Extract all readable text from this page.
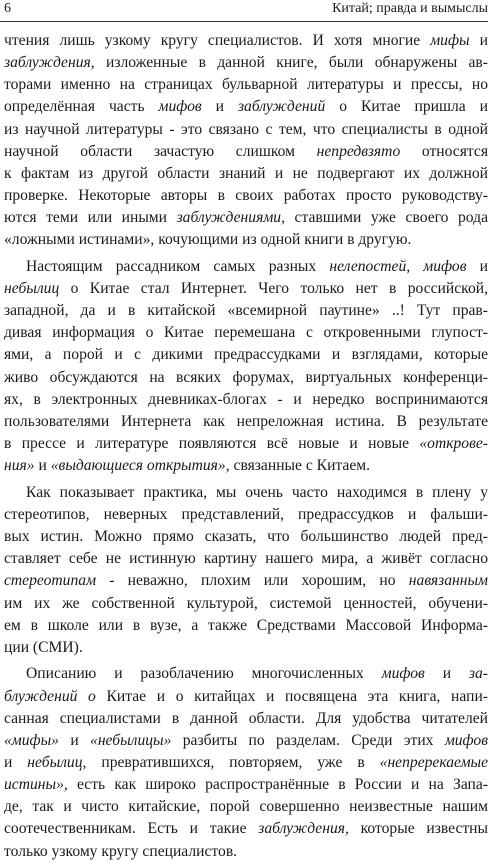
6	Китай; правда и вымыслы
чтения лишь узкому кругу специалистов. И хотя многие мифы и
заблуждения, изложенные в данной книге, были обнаружены ав-
торами именно на страницах бульварной литературы и прессы, но
определённая часть мифов и заблуждений о Китае пришла и
из научной литературы - это связано с тем, что специалисты в одной
научной области зачастую слишком непредвзято относятся
к фактам из другой области знаний и не подвергают их должной
проверке. Некоторые авторы в своих работах просто руководству-
ются теми или иными заблуждениями, ставшими уже своего рода
«ложными истинами», кочующими из одной книги в другую.
Настоящим рассадником самых разных нелепостей, мифов и
небылиц о Китае стал Интернет. Чего только нет в российской,
западной, да и в китайской «всемирной паутине» ..! Тут прав-
дивая информация о Китае перемешана с откровенными глупост-
ями, а порой и с дикими предрассудками и взглядами, которые
живо обсуждаются на всяких форумах, виртуальных конференци-
ях, в электронных дневниках-блогах - и нередко воспринимаются
пользователями Интернета как непреложная истина. В результате
в прессе и литературе появляются всё новые и новые «открове-
ния» и «выдающиеся открытия», связанные с Китаем.
Как показывает практика, мы очень часто находимся в плену у
стереотипов, неверных представлений, предрассудков и фальши-
вых истин. Можно прямо сказать, что большинство людей пред-
ставляет себе не истинную картину нашего мира, а живёт согласно
стереотипам - неважно, плохим или хорошим, но навязанным
им их же собственной культурой, системой ценностей, обучени-
ем в школе или в вузе, а также Средствами Массовой Информа-
ции (СМИ).
Описанию и разоблачению многочисленных мифов и за-
блуждений о Китае и о китайцах и посвящена эта книга, напи-
санная специалистами в данной области. Для удобства читателей
«мифы» и «небылицы» разбиты по разделам. Среди этих мифов
и небылиц, превратившихся, повторяем, уже в «непререкаемые
истины», есть как широко распространённые в России и на Запа-
де, так и чисто китайские, порой совершенно неизвестные нашим
соотечественникам. Есть и такие заблуждения, которые известны
только узкому кругу специалистов.
